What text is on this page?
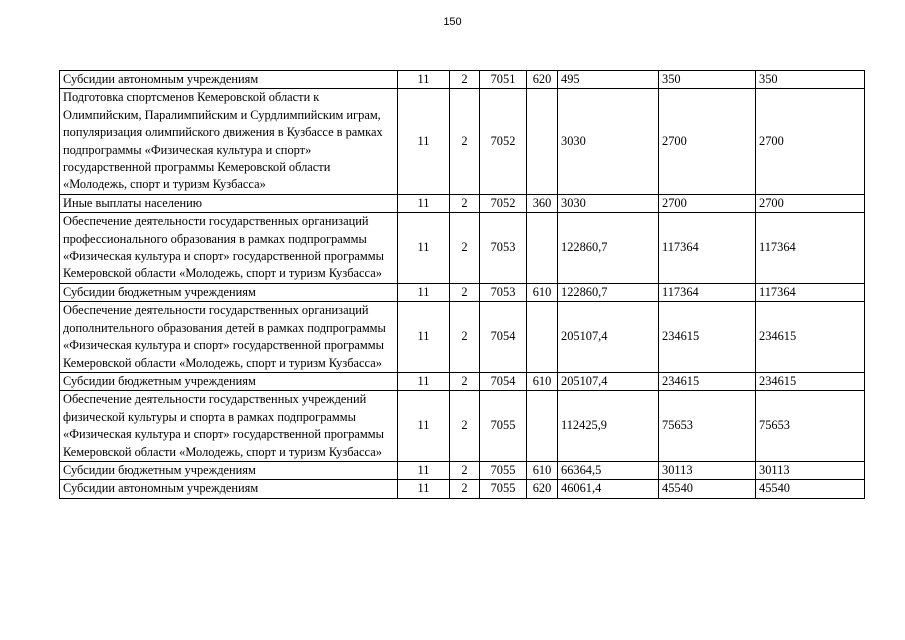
150
Субсидии автономным учреждениям	11	2	7051	620	495	350	350
Подготовка спортсменов Кемеровской области к Олимпийским, Паралимпийским и Сурдлимпийским играм, популяризация олимпийского движения в Кузбассе в рамках подпрограммы «Физическая культура и спорт» государственной программы Кемеровской области «Молодежь, спорт и туризм Кузбасса»	11	2	7052		3030	2700	2700
Иные выплаты населению	11	2	7052	360	3030	2700	2700
Обеспечение деятельности государственных организаций профессионального образования в рамках подпрограммы «Физическая культура и спорт» государственной программы Кемеровской области «Молодежь, спорт и туризм Кузбасса»	11	2	7053		122860,7	117364	117364
Субсидии бюджетным учреждениям	11	2	7053	610	122860,7	117364	117364
Обеспечение деятельности государственных организаций дополнительного образования детей в рамках подпрограммы «Физическая культура и спорт» государственной программы Кемеровской области «Молодежь, спорт и туризм Кузбасса»	11	2	7054		205107,4	234615	234615
Субсидии бюджетным учреждениям	11	2	7054	610	205107,4	234615	234615
Обеспечение деятельности государственных учреждений физической культуры и спорта в рамках подпрограммы «Физическая культура и спорт» государственной программы Кемеровской области «Молодежь, спорт и туризм Кузбасса»	11	2	7055		112425,9	75653	75653
Субсидии бюджетным учреждениям	11	2	7055	610	66364,5	30113	30113
Субсидии автономным учреждениям	11	2	7055	620	46061,4	45540	45540
